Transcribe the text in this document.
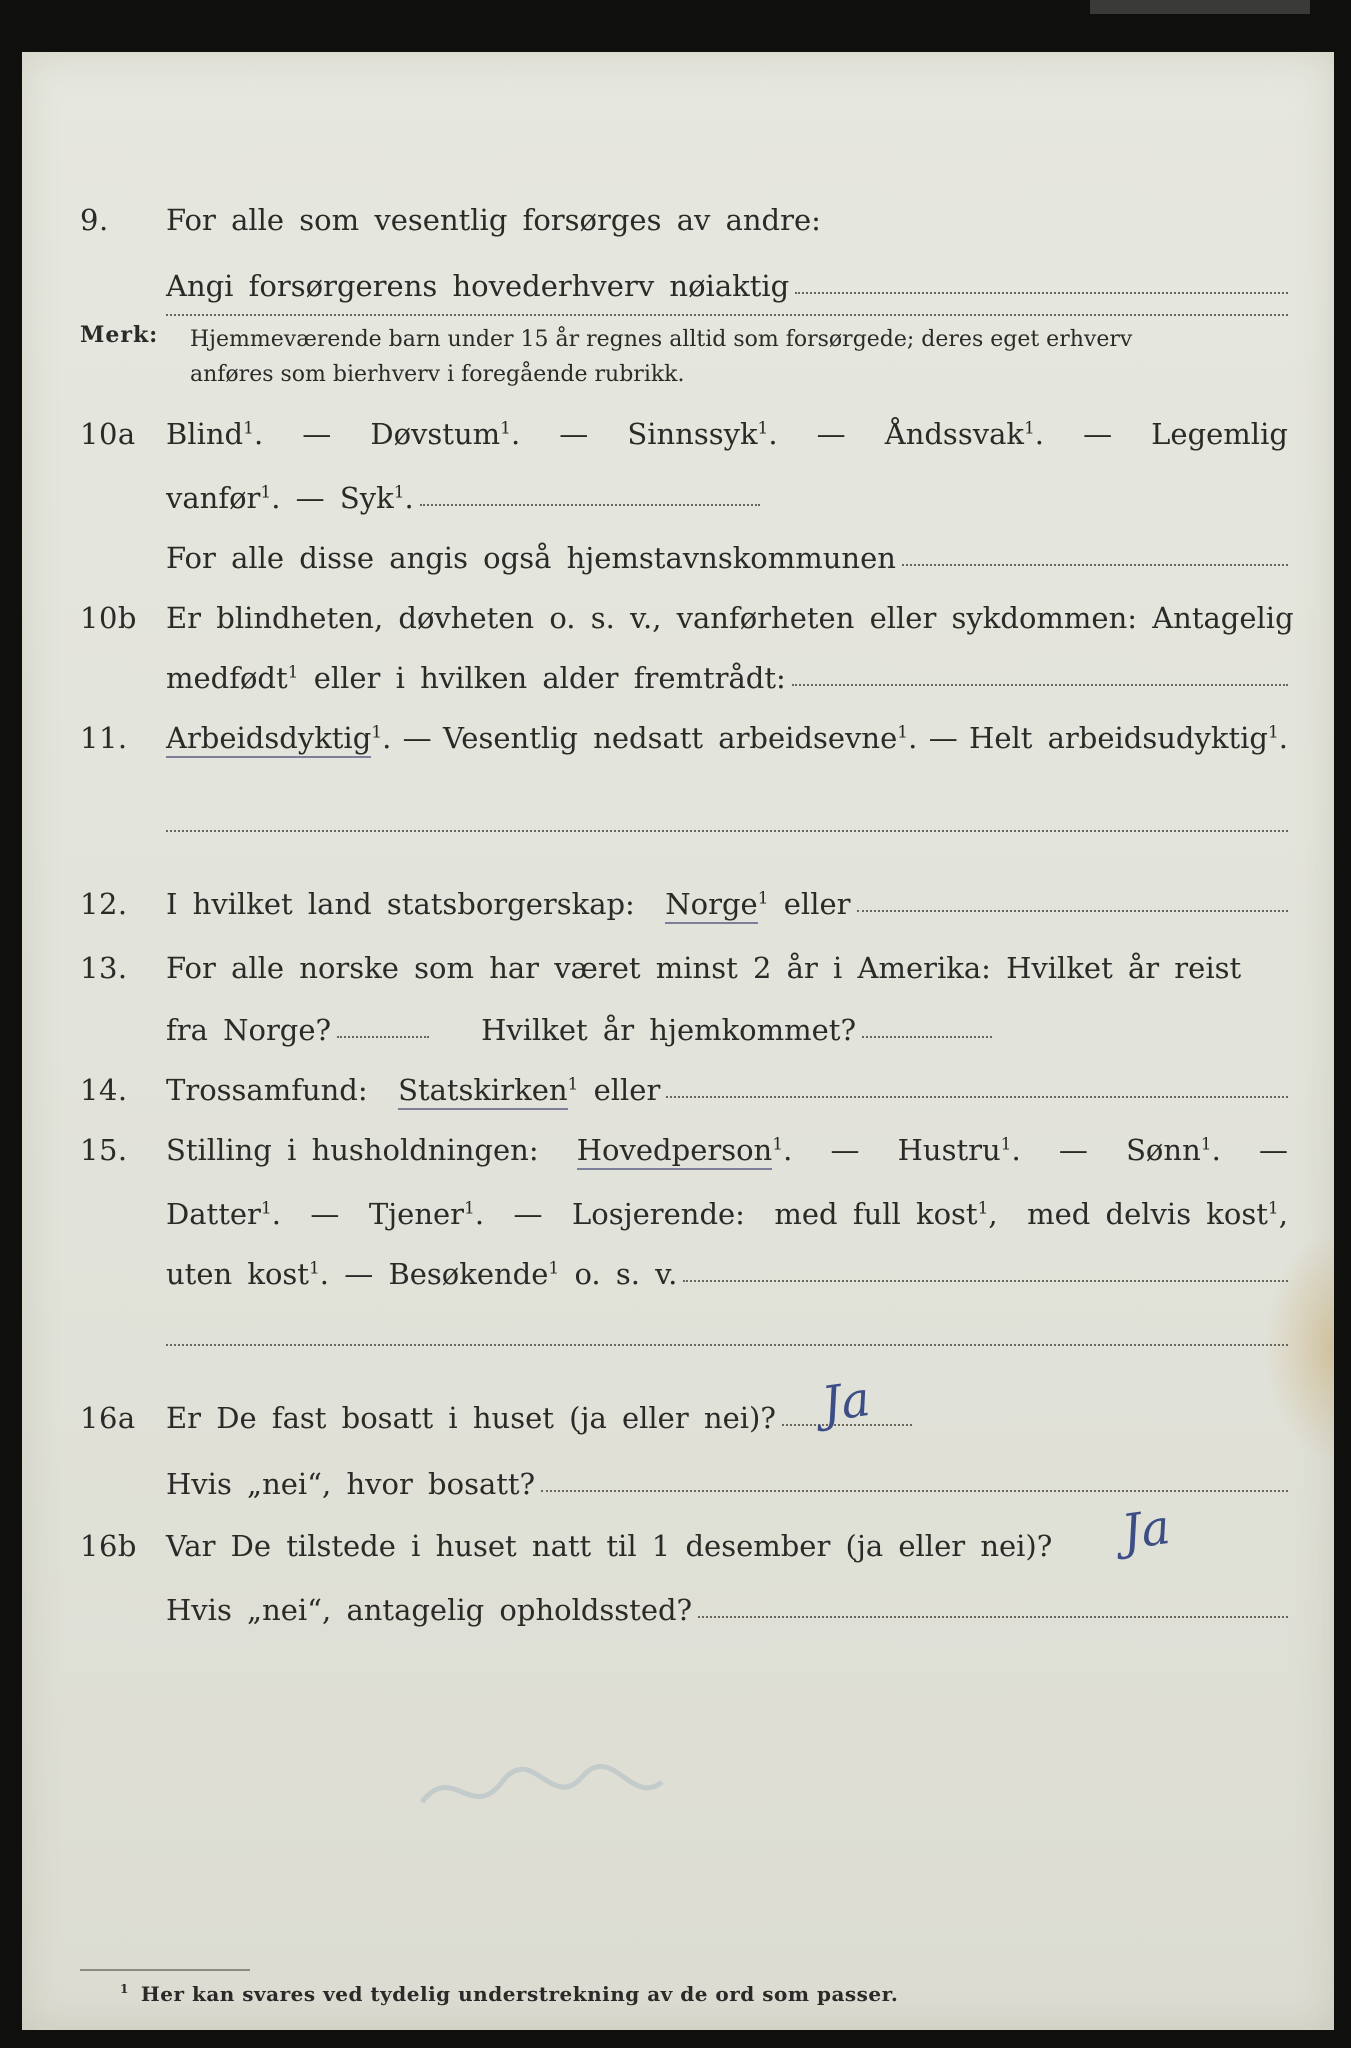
9.	For alle som vesentlig forsørges av andre:
Angi forsørgerens hovederhverv nøiaktig
Merk: Hjemmeværende barn under 15 år regnes alltid som forsørgede; deres eget erhverv
anføres som bierhverv i foregående rubrikk.
10a	Blind$^1$. — Døvstum$^1$. — Sinnssyk$^1$. — Åndssvak$^1$. — Legemlig
vanfør$^1$.
—
Syk$^1$.
For alle disse angis også hjemstavnskommunen
10b	Er blindheten, døvheten o. s. v., vanførheten eller sykdommen: Antagelig
medfødt$^1$
eller i hvilken alder fremtrådt:
11.	Arbeidsdyktig$^1$. — Vesentlig nedsatt arbeidsevne$^1$. — Helt arbeidsudyktig$^1$.
12.	I hvilket land statsborgerskap:
Norge$^1$
eller
13.	For alle norske som har været minst 2 år i Amerika: Hvilket år reist
fra Norge?	Hvilket år hjemkommet?
14.	Trossamfund:
Statskirken$^1$
eller
15.	Stilling i husholdningen: Hovedperson$^1$. — Hustru$^1$. — Sønn$^1$. —
Datter$^1$. — Tjener$^1$. — Losjerende: med full kost$^1$, med delvis kost$^1$,
uten kost$^1$.
—
Besøkende$^1$
o. s. v.
16a	Er De fast bosatt i huset (ja eller nei)? Ja
Hvis „nei“, hvor bosatt?
16b	Var De tilstede i huset natt til 1 desember (ja eller nei)? Ja
Hvis „nei“, antagelig opholdssted?
$^1$ Her kan svares ved tydelig understrekning av de ord som passer.
